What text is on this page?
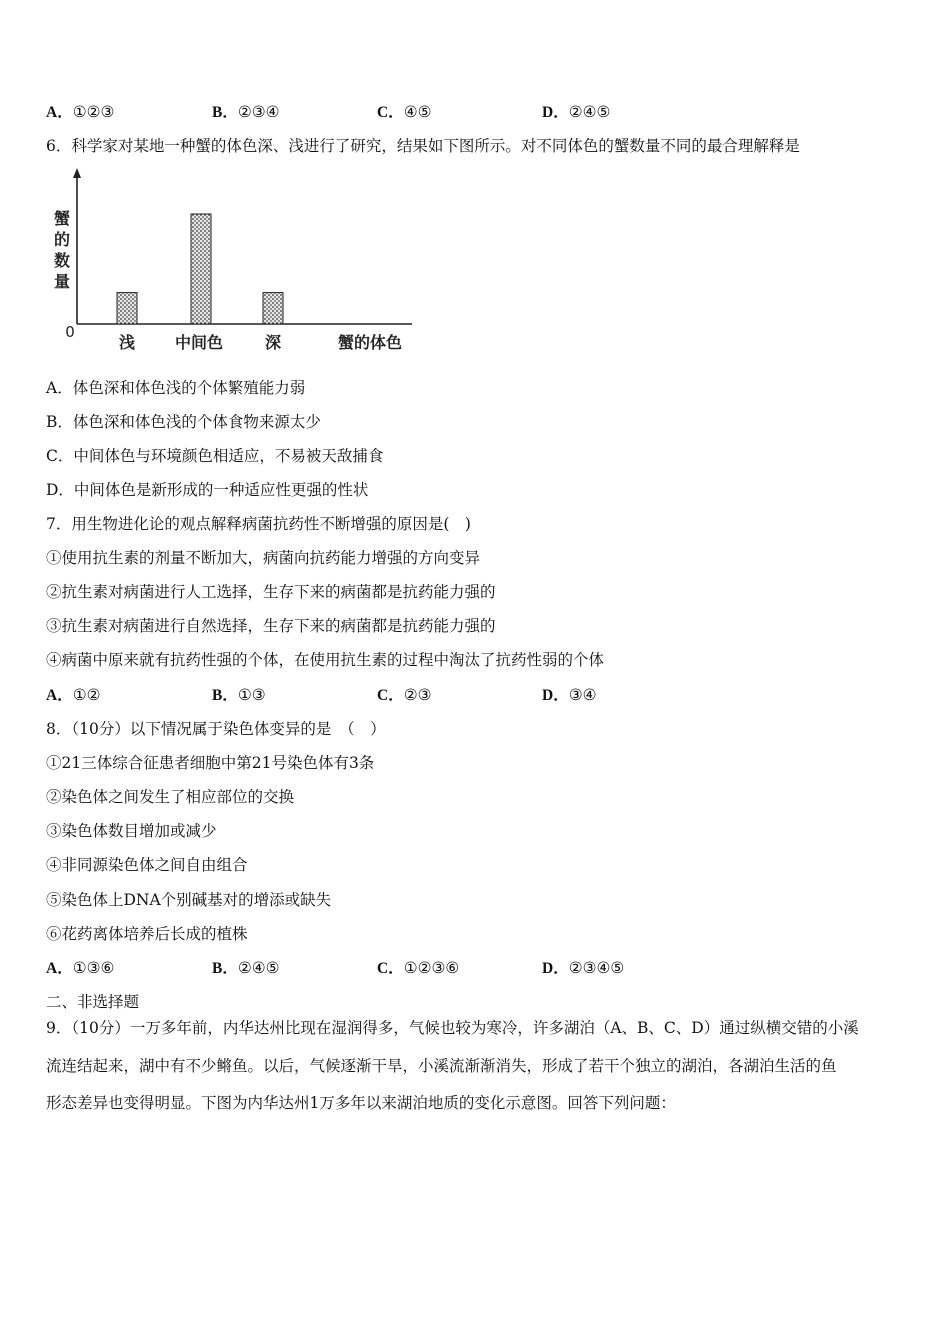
A．①②③	B．②③④	C．④⑤	D．②④⑤
6．科学家对某地一种蟹的体色深、浅进行了研究，结果如下图所示。对不同体色的蟹数量不同的最合理解释是
0
蟹
的
数
量
浅 中间色	深	蟹的体色
A．体色深和体色浅的个体繁殖能力弱
B．体色深和体色浅的个体食物来源太少
C．中间体色与环境颜色相适应，不易被天敌捕食
D．中间体色是新形成的一种适应性更强的性状
7．用生物进化论的观点解释病菌抗药性不断增强的原因是(　)
①使用抗生素的剂量不断加大，病菌向抗药能力增强的方向变异
②抗生素对病菌进行人工选择，生存下来的病菌都是抗药能力强的
③抗生素对病菌进行自然选择，生存下来的病菌都是抗药能力强的
④病菌中原来就有抗药性强的个体，在使用抗生素的过程中淘汰了抗药性弱的个体
A．①②	B．①③	C．②③	D．③④
8．（10分）以下情况属于染色体变异的是　（　）
①21三体综合征患者细胞中第21号染色体有3条
②染色体之间发生了相应部位的交换
③染色体数目增加或减少
④非同源染色体之间自由组合
⑤染色体上DNA个别碱基对的增添或缺失
⑥花药离体培养后长成的植株
A．①③⑥	B．②④⑤	C．①②③⑥	D．②③④⑤
二、非选择题
9．（10分）一万多年前，内华达州比现在湿润得多，气候也较为寒冷，许多湖泊（A、B、C、D）通过纵横交错的小溪
流连结起来，湖中有不少鳉鱼。以后，气候逐渐干旱，小溪流渐渐消失，形成了若干个独立的湖泊，各湖泊生活的鱼
形态差异也变得明显。下图为内华达州1万多年以来湖泊地质的变化示意图。回答下列问题：
